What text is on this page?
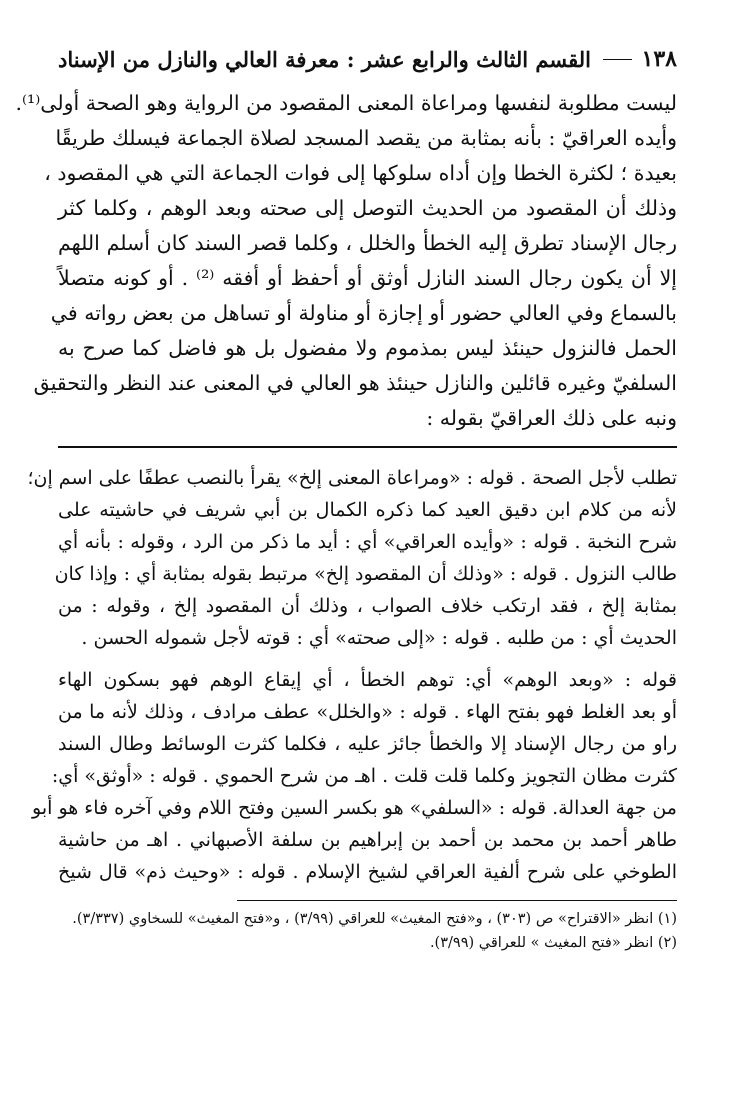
١٣٨
القسم الثالث والرابع عشر : معرفة العالي والنازل من الإسناد
ليست مطلوبة لنفسها ومراعاة المعنى المقصود من الرواية وهو الصحة أولى⁽¹⁾.
وأيده العراقيّ : بأنه بمثابة من يقصد المسجد لصلاة الجماعة فيسلك طريقًا
بعيدة ؛ لكثرة الخطا وإن أداه سلوكها إلى فوات الجماعة التي هي المقصود ،
وذلك أن المقصود من الحديث التوصل إلى صحته وبعد الوهم ، وكلما كثر
رجال الإسناد تطرق إليه الخطأ والخلل ، وكلما قصر السند كان أسلم اللهم
إلا أن يكون رجال السند النازل أوثق أو أحفظ أو أفقه ⁽²⁾ . أو كونه متصلاً
بالسماع وفي العالي حضور أو إجازة أو مناولة أو تساهل من بعض رواته في
الحمل فالنزول حينئذ ليس بمذموم ولا مفضول بل هو فاضل كما صرح به
السلفيّ وغيره قائلين والنازل حينئذ هو العالي في المعنى عند النظر والتحقيق
ونبه على ذلك العراقيّ بقوله :
تطلب لأجل الصحة . قوله : «ومراعاة المعنى إلخ» يقرأ بالنصب عطفًا على اسم إن؛
لأنه من كلام ابن دقيق العيد كما ذكره الكمال بن أبي شريف في حاشيته على
شرح النخبة . قوله : «وأيده العراقي» أي : أيد ما ذكر من الرد ، وقوله : بأنه أي
طالب النزول . قوله : «وذلك أن المقصود إلخ» مرتبط بقوله بمثابة أي : وإذا كان
بمثابة إلخ ، فقد ارتكب خلاف الصواب ، وذلك أن المقصود إلخ ، وقوله : من
الحديث أي : من طلبه . قوله : «إلى صحته» أي : قوته لأجل شموله الحسن .
قوله : «وبعد الوهم» أي: توهم الخطأ ، أي إيقاع الوهم فهو بسكون الهاء
أو بعد الغلط فهو بفتح الهاء . قوله : «والخلل» عطف مرادف ، وذلك لأنه ما من
راو من رجال الإسناد إلا والخطأ جائز عليه ، فكلما كثرت الوسائط وطال السند
كثرت مظان التجويز وكلما قلت قلت . اهـ من شرح الحموي . قوله : «أوثق» أي:
من جهة العدالة. قوله : «السلفي» هو بكسر السين وفتح اللام وفي آخره فاء هو أبو
طاهر أحمد بن محمد بن أحمد بن إبراهيم بن سلفة الأصبهاني . اهـ من حاشية
الطوخي على شرح ألفية العراقي لشيخ الإسلام . قوله : «وحيث ذم» قال شيخ
(١) انظر «الاقتراح» ص (٣٠٣) ، و«فتح المغيث» للعراقي (٣/٩٩) ، و«فتح المغيث» للسخاوي (٣/٣٣٧).
(٢) انظر «فتح المغيث » للعراقي (٣/٩٩).
